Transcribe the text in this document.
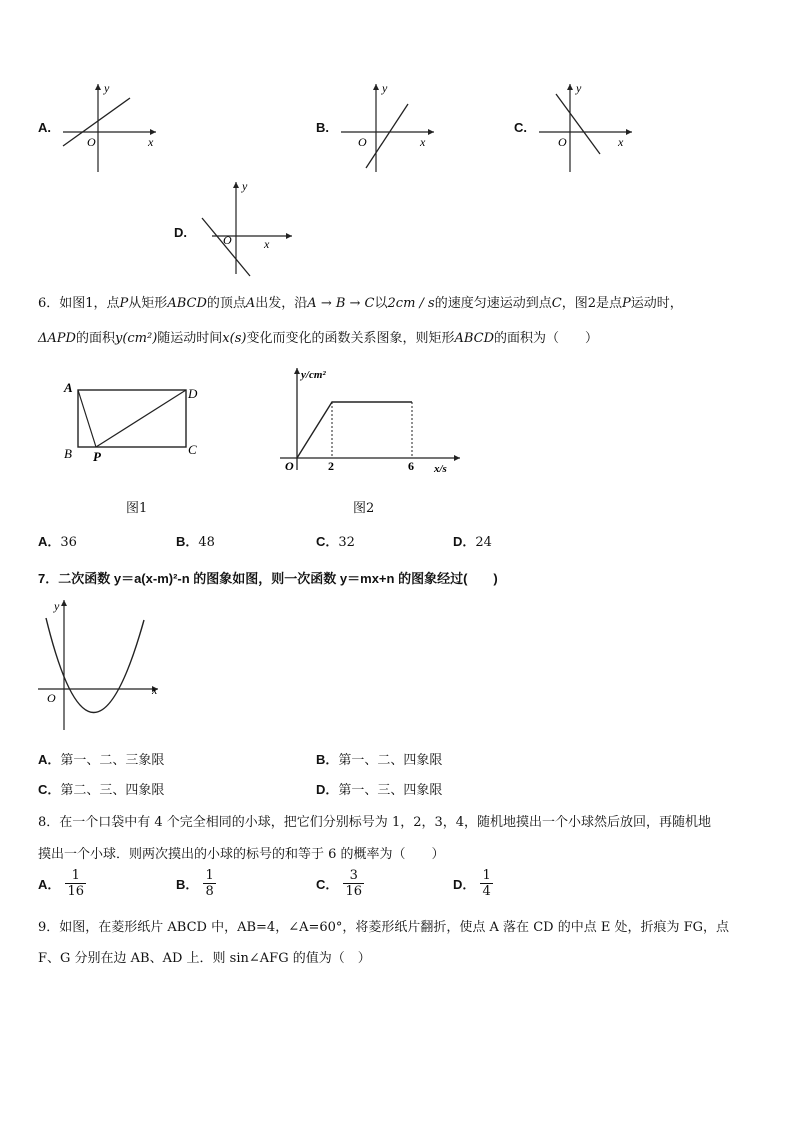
A.
y
O	x
B.
y
O	x
C.
y
O	x
D.
y
O	x
6．如图1，点P从矩形ABCD的顶点A出发，沿A → B → C以2cm / s的速度匀速运动到点C，图2是点P运动时，
ΔAPD的面积y(cm²)随运动时间x(s)变化而变化的函数关系图象，则矩形ABCD的面积为（　　）
A
B
D
C
P
图1
y/cm²
O	2	6 x/s
图2
A．36	B．48	C．32	D．24
7．二次函数 y＝a(x-m)²-n 的图象如图，则一次函数 y＝mx+n 的图象经过(　　)
y
O
x
A．第一、二、三象限	B．第一、二、四象限
C．第二、三、四象限	D．第一、三、四象限
8．在一个口袋中有 4 个完全相同的小球，把它们分别标号为 1，2，3，4，随机地摸出一个小球然后放回，再随机地
摸出一个小球．则两次摸出的小球的标号的和等于 6 的概率为（　　）
A． $\frac{1}{16}$	B． $\frac{1}{8}$	C． $\frac{3}{16}$	D． $\frac{1}{4}$
9．如图，在菱形纸片 ABCD 中，AB=4，∠A=60°，将菱形纸片翻折，使点 A 落在 CD 的中点 E 处，折痕为 FG，点
F、G 分别在边 AB、AD 上．则 sin∠AFG 的值为（　）
